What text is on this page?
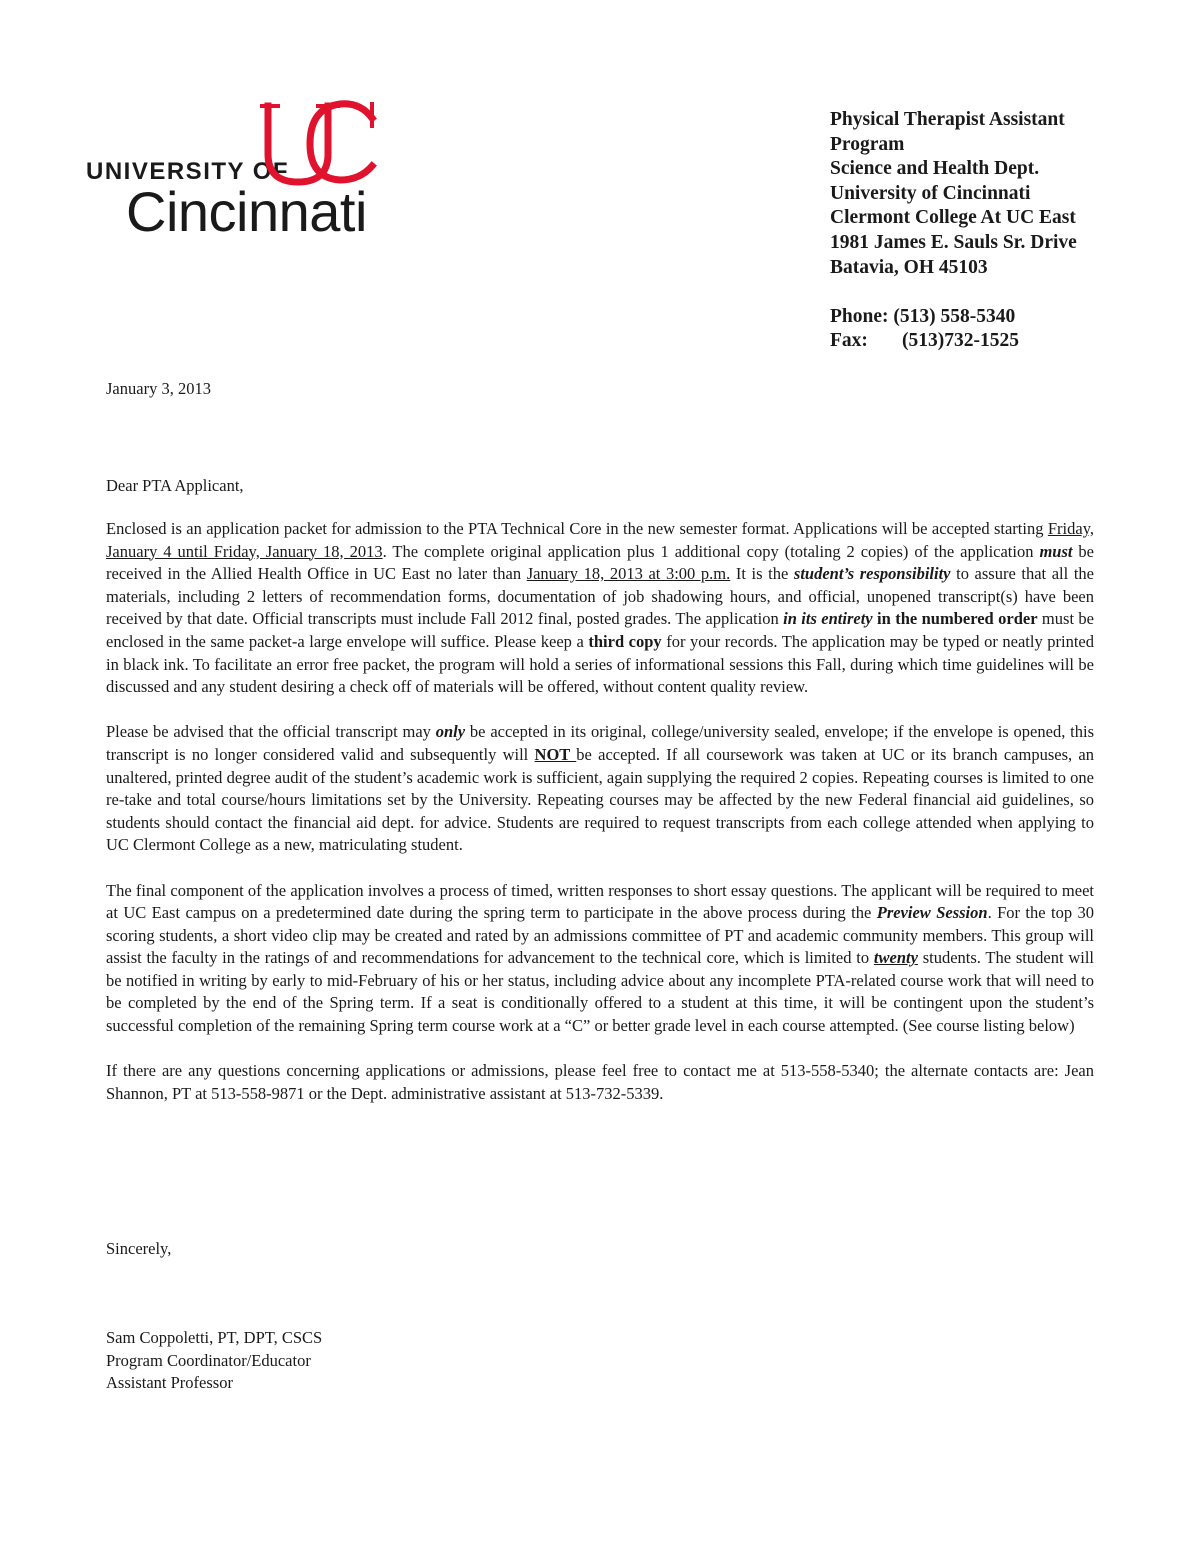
UNIVERSITY OF
Cincinnati
Physical Therapist Assistant
Program
Science and Health Dept.
University of Cincinnati
Clermont College At UC East
1981 James E. Sauls Sr. Drive
Batavia, OH 45103
Phone: (513) 558-5340
Fax: (513)732-1525
January 3, 2013
Dear PTA Applicant,

Enclosed is an application packet for admission to the PTA Technical Core in the new semester format. Applications will be accepted starting Friday, January 4 until Friday, January 18, 2013. The complete original application plus 1 additional copy (totaling 2 copies) of the application must be received in the Allied Health Office in UC East no later than January 18, 2013 at 3:00 p.m. It is the student’s responsibility to assure that all the materials, including 2 letters of recommendation forms, documentation of job shadowing hours, and official, unopened transcript(s) have been received by that date. Official transcripts must include Fall 2012 final, posted grades. The application in its entirety in the numbered order must be enclosed in the same packet-a large envelope will suffice. Please keep a third copy for your records. The application may be typed or neatly printed in black ink. To facilitate an error free packet, the program will hold a series of informational sessions this Fall, during which time guidelines will be discussed and any student desiring a check off of materials will be offered, without content quality review.

Please be advised that the official transcript may only be accepted in its original, college/university sealed, envelope; if the envelope is opened, this transcript is no longer considered valid and subsequently will NOT be accepted. If all coursework was taken at UC or its branch campuses, an unaltered, printed degree audit of the student’s academic work is sufficient, again supplying the required 2 copies. Repeating courses is limited to one re-take and total course/hours limitations set by the University. Repeating courses may be affected by the new Federal financial aid guidelines, so students should contact the financial aid dept. for advice. Students are required to request transcripts from each college attended when applying to UC Clermont College as a new, matriculating student.

The final component of the application involves a process of timed, written responses to short essay questions. The applicant will be required to meet at UC East campus on a predetermined date during the spring term to participate in the above process during the Preview Session. For the top 30 scoring students, a short video clip may be created and rated by an admissions committee of PT and academic community members. This group will assist the faculty in the ratings of and recommendations for advancement to the technical core, which is limited to twenty students. The student will be notified in writing by early to mid-February of his or her status, including advice about any incomplete PTA-related course work that will need to be completed by the end of the Spring term. If a seat is conditionally offered to a student at this time, it will be contingent upon the student’s successful completion of the remaining Spring term course work at a “C” or better grade level in each course attempted. (See course listing below)

If there are any questions concerning applications or admissions, please feel free to contact me at 513-558-5340; the alternate contacts are: Jean Shannon, PT at 513-558-9871 or the Dept. administrative assistant at 513-732-5339.

Sincerely,
Sam Coppoletti, PT, DPT, CSCS
Program Coordinator/Educator
Assistant Professor
